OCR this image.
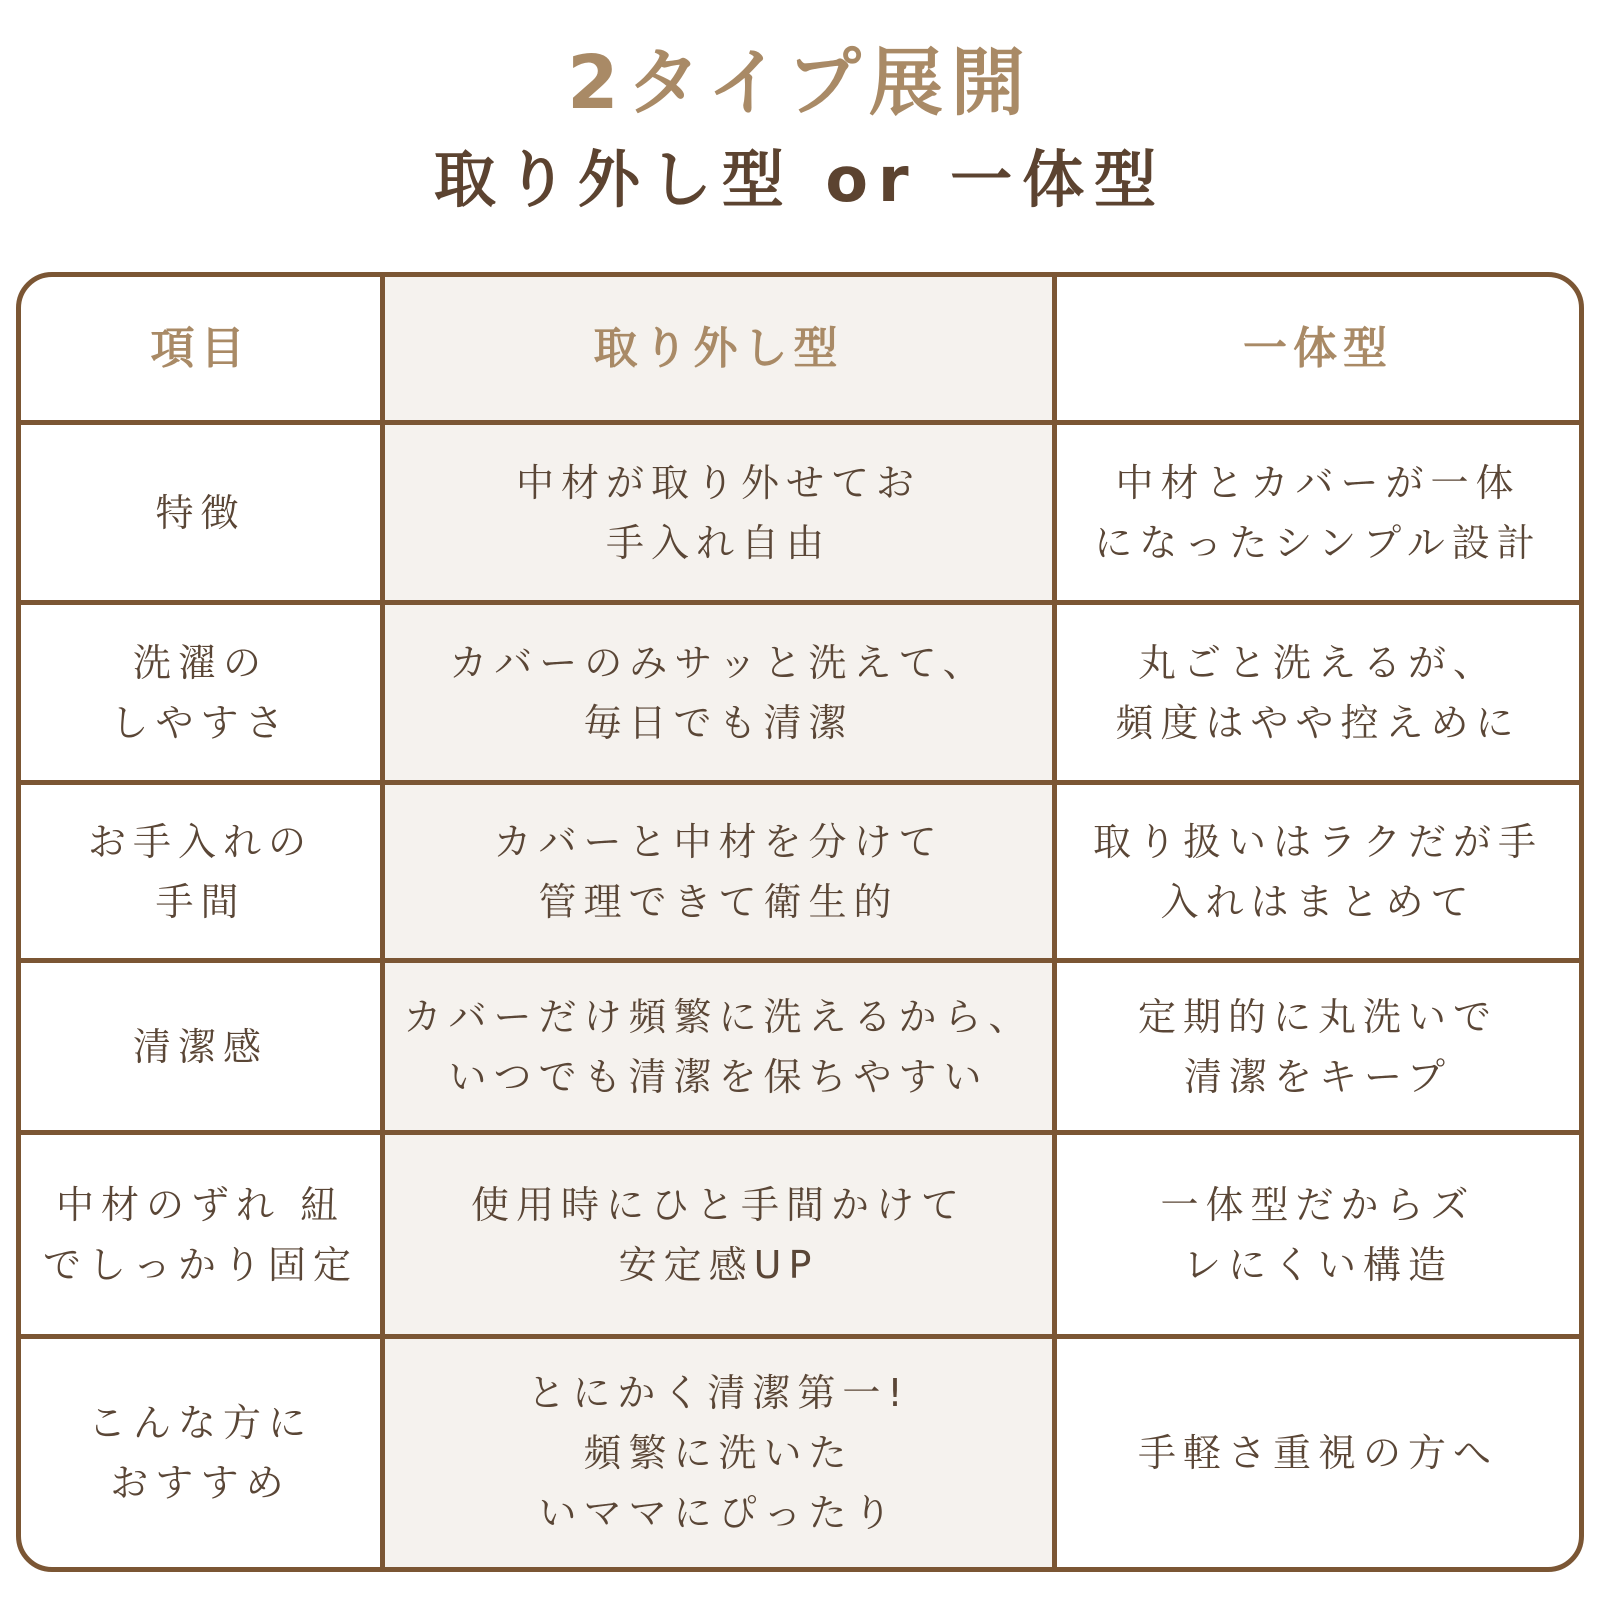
2タイプ展開
取り外し型 or 一体型
項目	取り外し型	一体型
特徴
中材が取り外せてお
手入れ自由
中材とカバーが一体
になったシンプル設計
洗濯の
しやすさ
カバーのみサッと洗えて、
毎日でも清潔
丸ごと洗えるが、
頻度はやや控えめに
お手入れの
手間
カバーと中材を分けて
管理できて衛生的
取り扱いはラクだが手
入れはまとめて
清潔感
カバーだけ頻繁に洗えるから、
いつでも清潔を保ちやすい
定期的に丸洗いで
清潔をキープ
中材のずれ 紐
でしっかり固定
使用時にひと手間かけて
安定感UP
一体型だからズ
レにくい構造
こんな方に
おすすめ
とにかく清潔第一!
頻繁に洗いた
いママにぴったり
手軽さ重視の方へ
